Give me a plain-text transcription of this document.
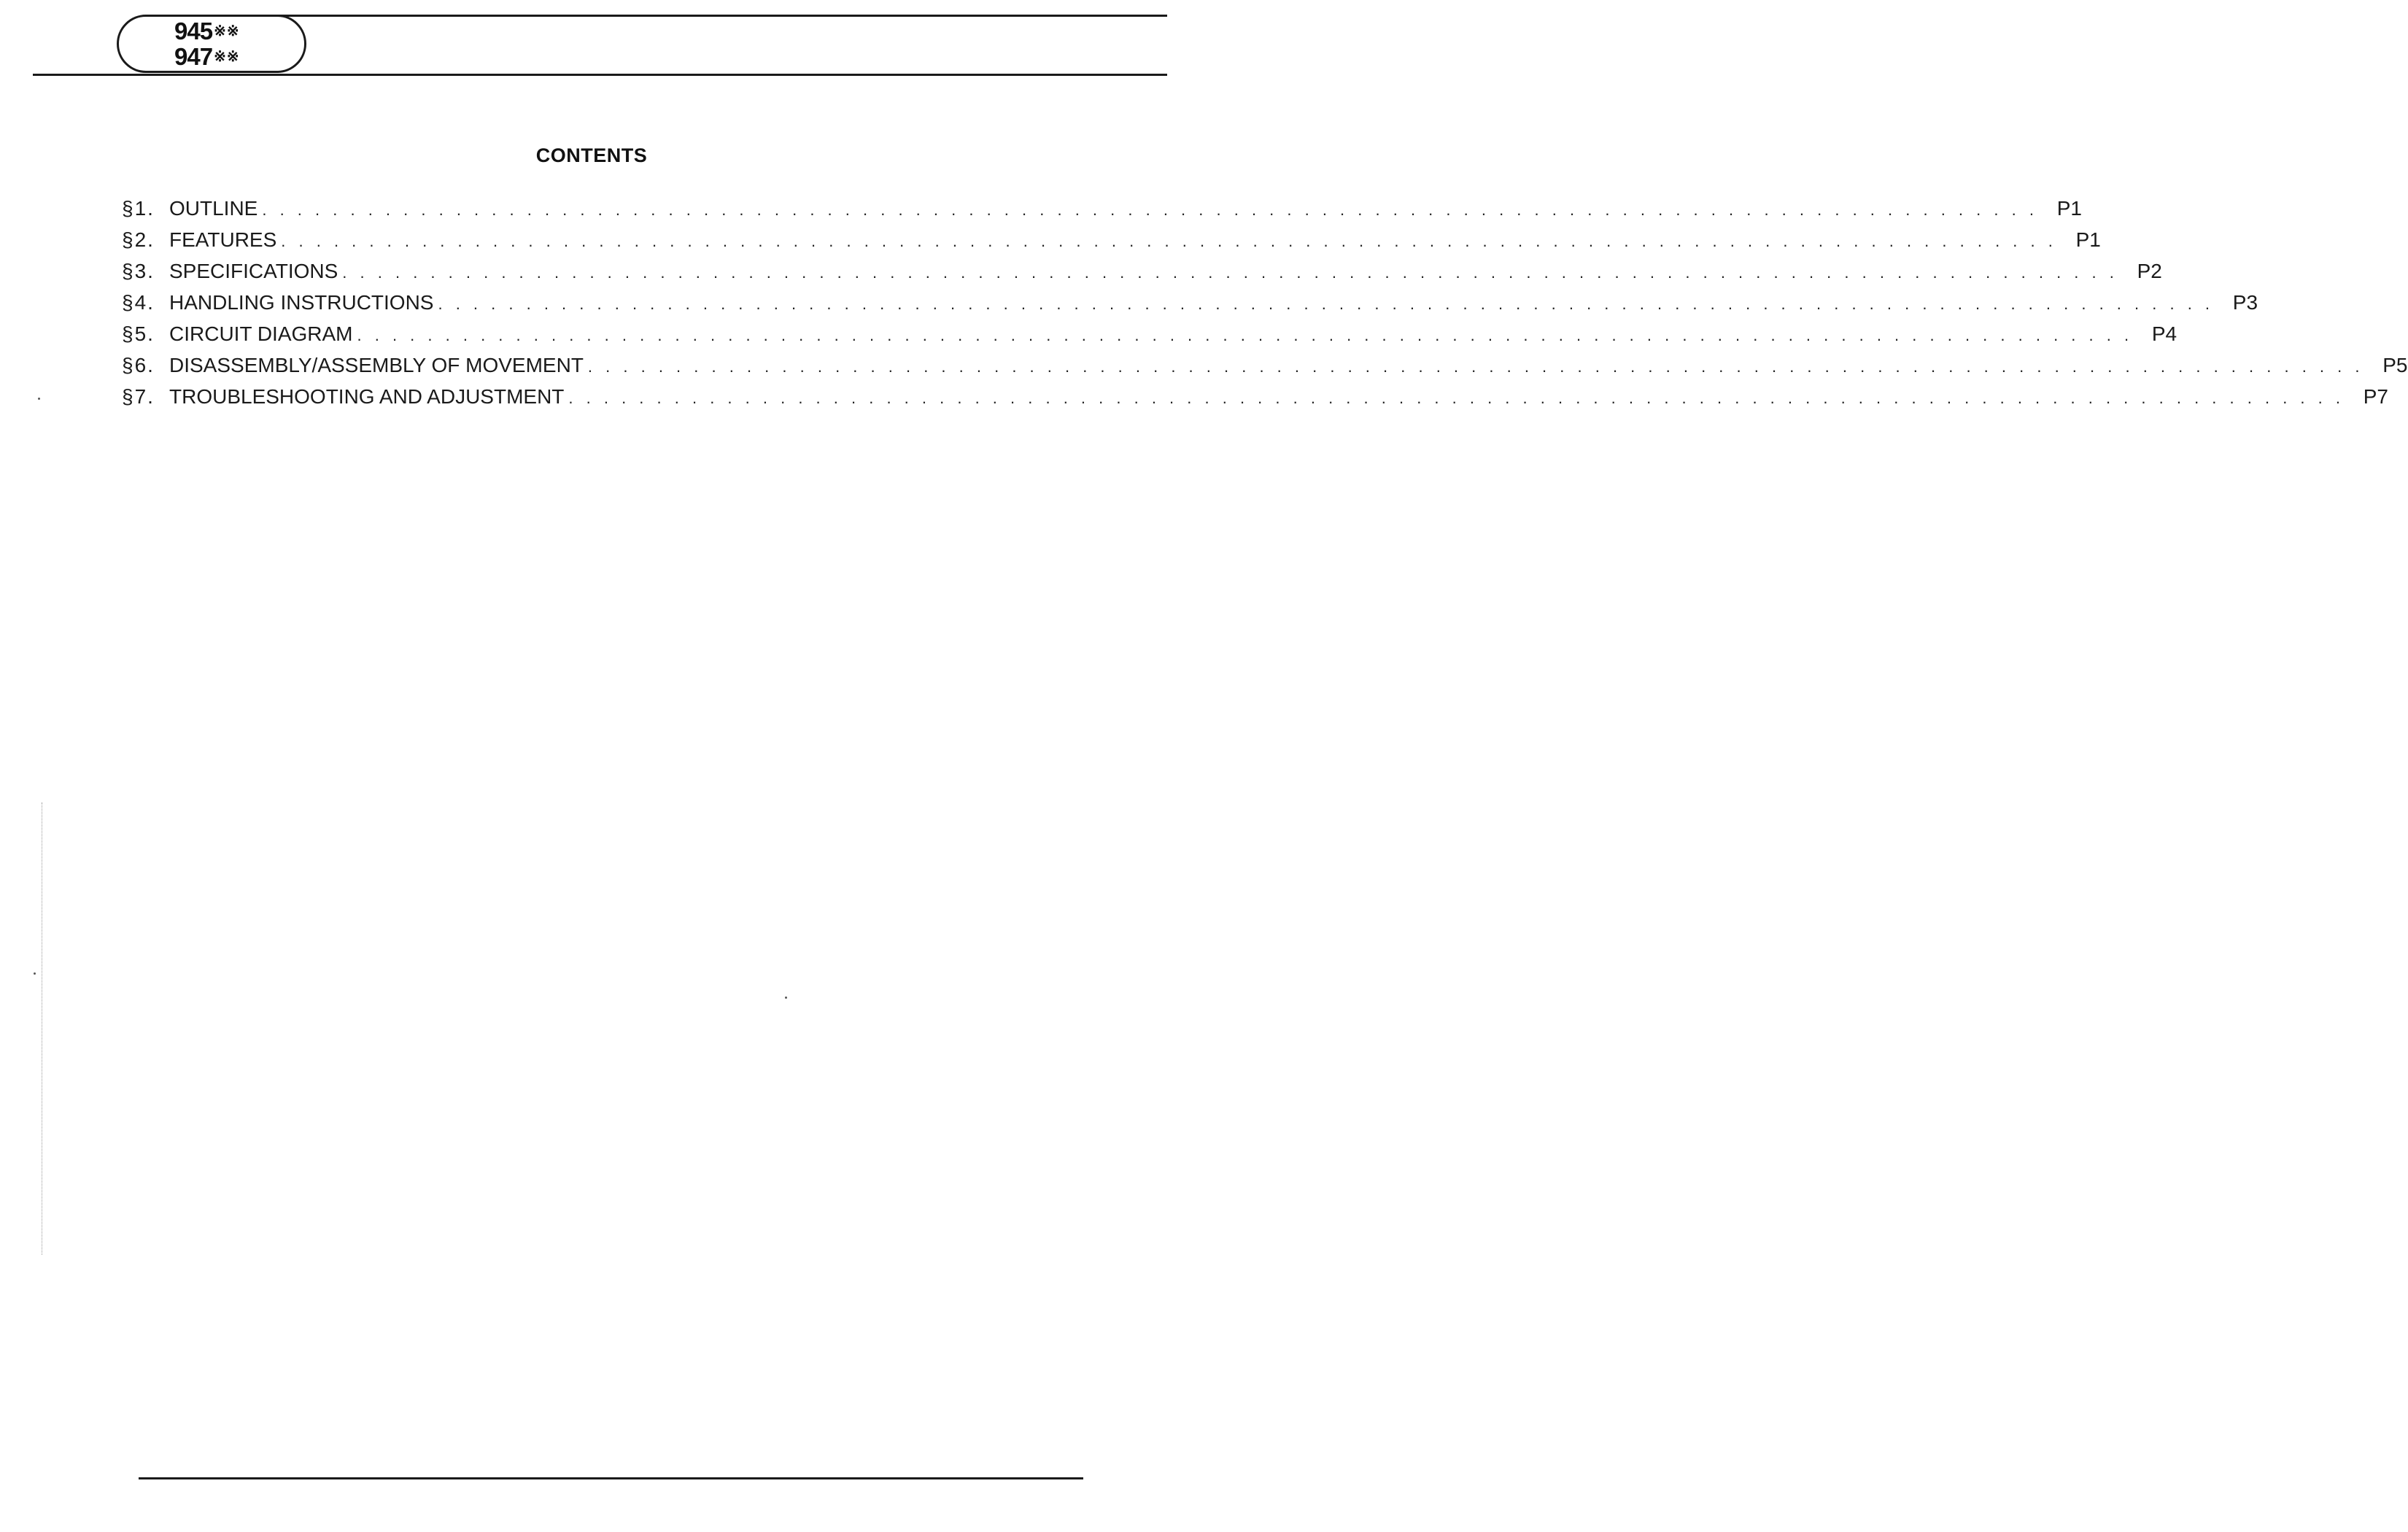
945 ※※
947 ※※
CONTENTS
§1. OUTLINE . . . . . . . . . . . . . . . . . . . . . . . . . . . . . . . . . . . . . . . . . . . . . . . . . . . . . . . . . . . . . . . . . . . . . . . . . . . . . . . . . . . . . . . . . . . . . . . . . . . . . P1
§2. FEATURES . . . . . . . . . . . . . . . . . . . . . . . . . . . . . . . . . . . . . . . . . . . . . . . . . . . . . . . . . . . . . . . . . . . . . . . . . . . . . . . . . . . . . . . . . . . . . . . . . . . . . P1
§3. SPECIFICATIONS . . . . . . . . . . . . . . . . . . . . . . . . . . . . . . . . . . . . . . . . . . . . . . . . . . . . . . . . . . . . . . . . . . . . . . . . . . . . . . . . . . . . . . . . . . . . . . . . . . . . . P2
§4. HANDLING INSTRUCTIONS . . . . . . . . . . . . . . . . . . . . . . . . . . . . . . . . . . . . . . . . . . . . . . . . . . . . . . . . . . . . . . . . . . . . . . . . . . . . . . . . . . . . . . . . . . . . . . . . . . . . . P3
§5. CIRCUIT DIAGRAM . . . . . . . . . . . . . . . . . . . . . . . . . . . . . . . . . . . . . . . . . . . . . . . . . . . . . . . . . . . . . . . . . . . . . . . . . . . . . . . . . . . . . . . . . . . . . . . . . . . . . P4
§6. DISASSEMBLY/ASSEMBLY OF MOVEMENT . . . . . . . . . . . . . . . . . . . . . . . . . . . . . . . . . . . . . . . . . . . . . . . . . . . . . . . . . . . . . . . . . . . . . . . . . . . . . . . . . . . . . . . . . . . . . . . . . . . . . P5
§7. TROUBLESHOOTING AND ADJUSTMENT . . . . . . . . . . . . . . . . . . . . . . . . . . . . . . . . . . . . . . . . . . . . . . . . . . . . . . . . . . . . . . . . . . . . . . . . . . . . . . . . . . . . . . . . . . . . . . . . . . . . . P7
